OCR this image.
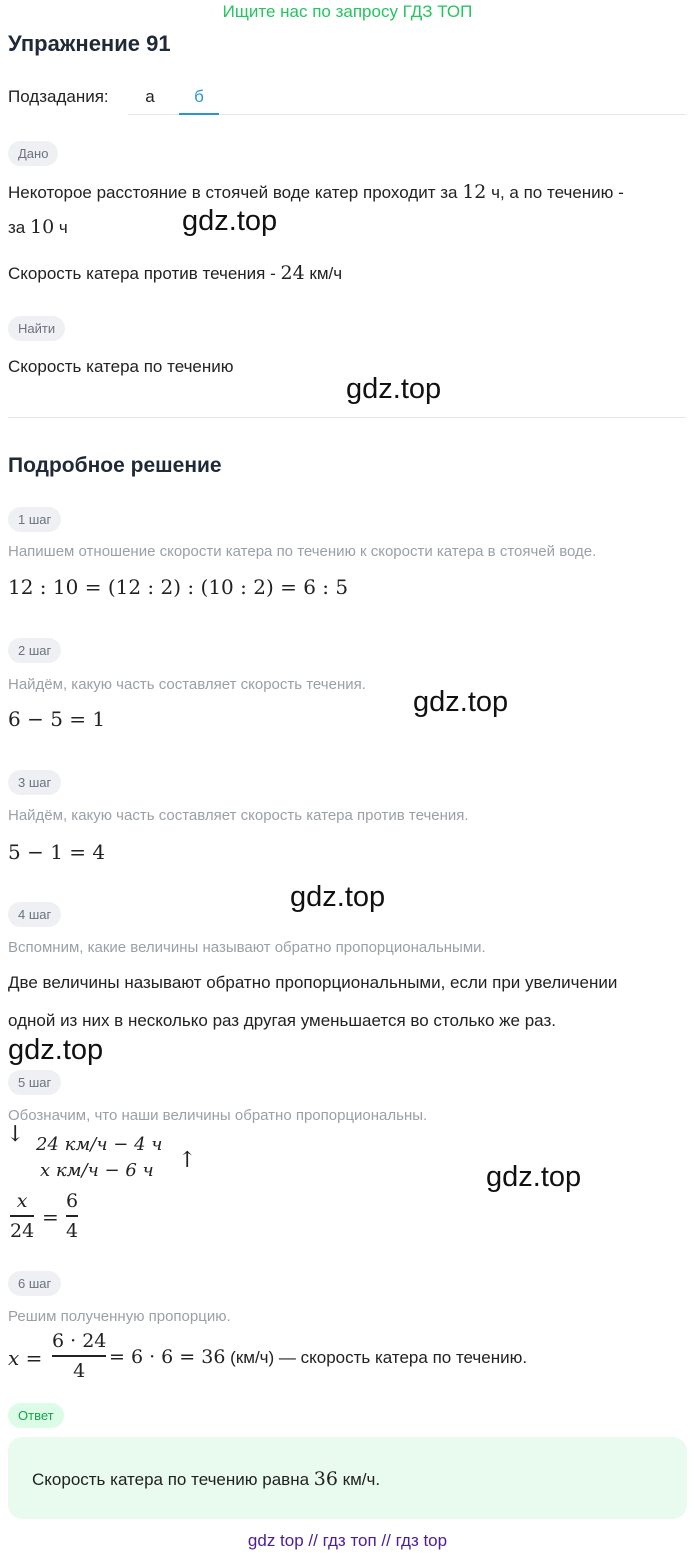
Ищите нас по запросу ГДЗ ТОП
Упражнение 91
Подзадания:	а	б
Дано
Некоторое расстояние в стоячей воде катер проходит за 12 ч, а по течению -
за 10 ч
Скорость катера против течения - 24 км/ч
Найти
Скорость катера по течению
Подробное решение
1 шаг
Напишем отношение скорости катера по течению к скорости катера в стоячей воде.
12 : 10 = (12 : 2) : (10 : 2) = 6 : 5
2 шаг
Найдём, какую часть составляет скорость течения.
6 − 5 = 1
3 шаг
Найдём, какую часть составляет скорость катера против течения.
5 − 1 = 4
4 шаг
Вспомним, какие величины называют обратно пропорциональными.
Две величины называют обратно пропорциональными, если при увеличении
одной из них в несколько раз другая уменьшается во столько же раз.
5 шаг
Обозначим, что наши величины обратно пропорциональны.
↓ 24 км/ч − 4 ч
x км/ч − 6 ч ↑
x
24
=
6
4
6 шаг
Решим полученную пропорцию.
x =
6 · 24
4
= 6 · 6 = 36 (км/ч) — скорость катера по течению.
Ответ
Скорость катера по течению равна 36 км/ч.
gdz.top
gdz.top
gdz.top
gdz.top
gdz.top
gdz.top
gdz top // гдз топ // гдз top
